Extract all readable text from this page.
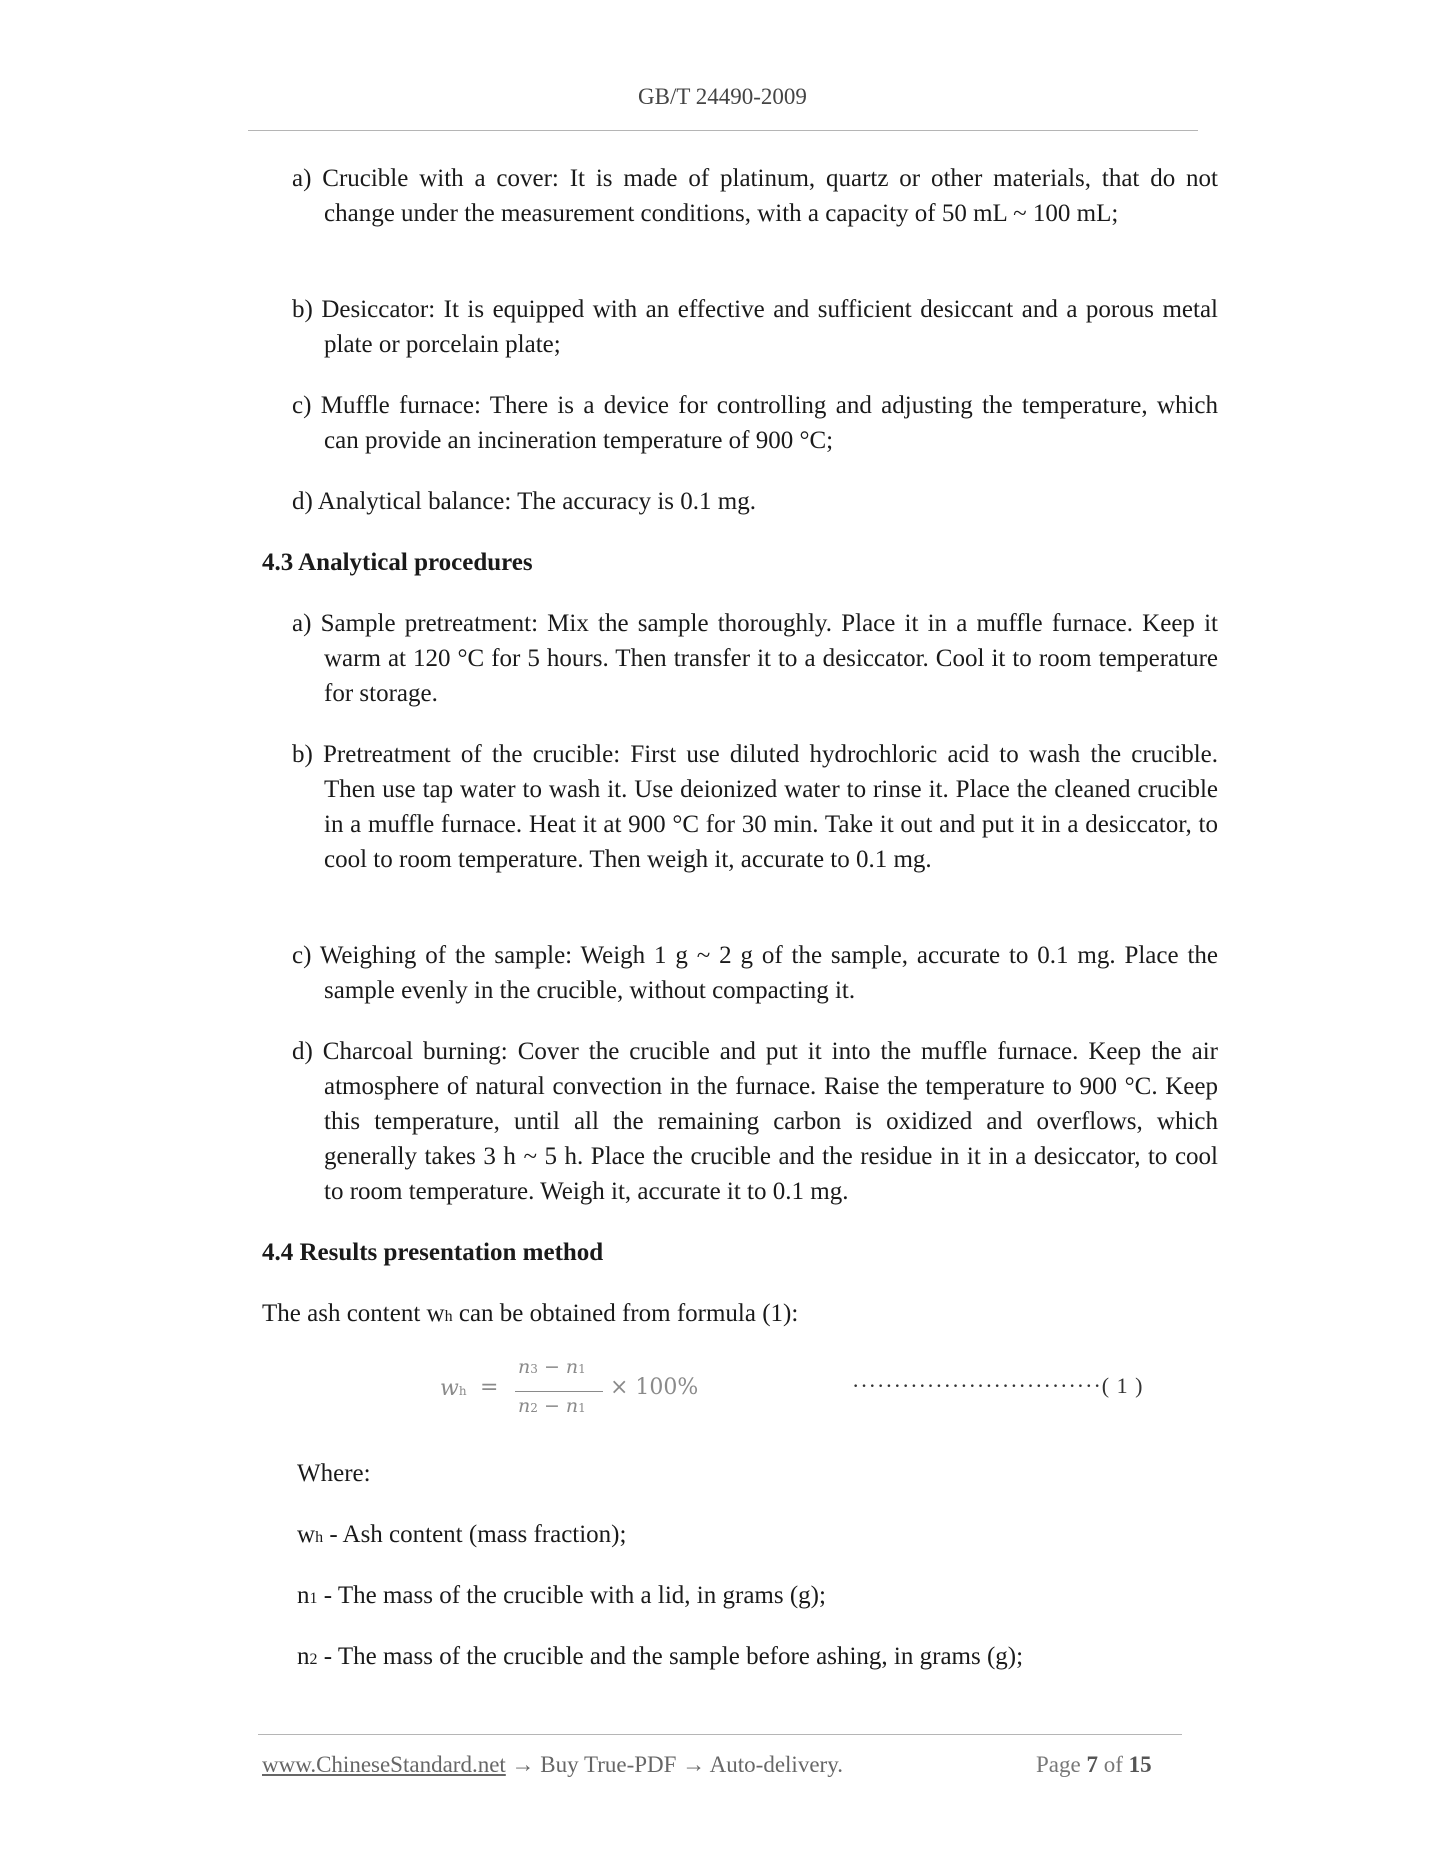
GB/T 24490-2009
a) Crucible with a cover: It is made of platinum, quartz or other materials, that do not change under the measurement conditions, with a capacity of 50 mL ~ 100 mL;
b) Desiccator: It is equipped with an effective and sufficient desiccant and a porous metal plate or porcelain plate;
c) Muffle furnace: There is a device for controlling and adjusting the temperature, which can provide an incineration temperature of 900 °C;
d) Analytical balance: The accuracy is 0.1 mg.
4.3 Analytical procedures
a) Sample pretreatment: Mix the sample thoroughly. Place it in a muffle furnace. Keep it warm at 120 °C for 5 hours. Then transfer it to a desiccator. Cool it to room temperature for storage.
b) Pretreatment of the crucible: First use diluted hydrochloric acid to wash the crucible. Then use tap water to wash it. Use deionized water to rinse it. Place the cleaned crucible in a muffle furnace. Heat it at 900 °C for 30 min. Take it out and put it in a desiccator, to cool to room temperature. Then weigh it, accurate to 0.1 mg.
c) Weighing of the sample: Weigh 1 g ~ 2 g of the sample, accurate to 0.1 mg. Place the sample evenly in the crucible, without compacting it.
d) Charcoal burning: Cover the crucible and put it into the muffle furnace. Keep the air atmosphere of natural convection in the furnace. Raise the temperature to 900 °C. Keep this temperature, until all the remaining carbon is oxidized and overflows, which generally takes 3 h ~ 5 h. Place the crucible and the residue in it in a desiccator, to cool to room temperature. Weigh it, accurate it to 0.1 mg.
4.4 Results presentation method
The ash content wh can be obtained from formula (1):
wh =
n3 − n1
n2 − n1
× 100%	······························( 1 )
Where:
wh - Ash content (mass fraction);
n1 - The mass of the crucible with a lid, in grams (g);
n2 - The mass of the crucible and the sample before ashing, in grams (g);
www.ChineseStandard.net → Buy True-PDF → Auto-delivery.	Page 7 of 15
